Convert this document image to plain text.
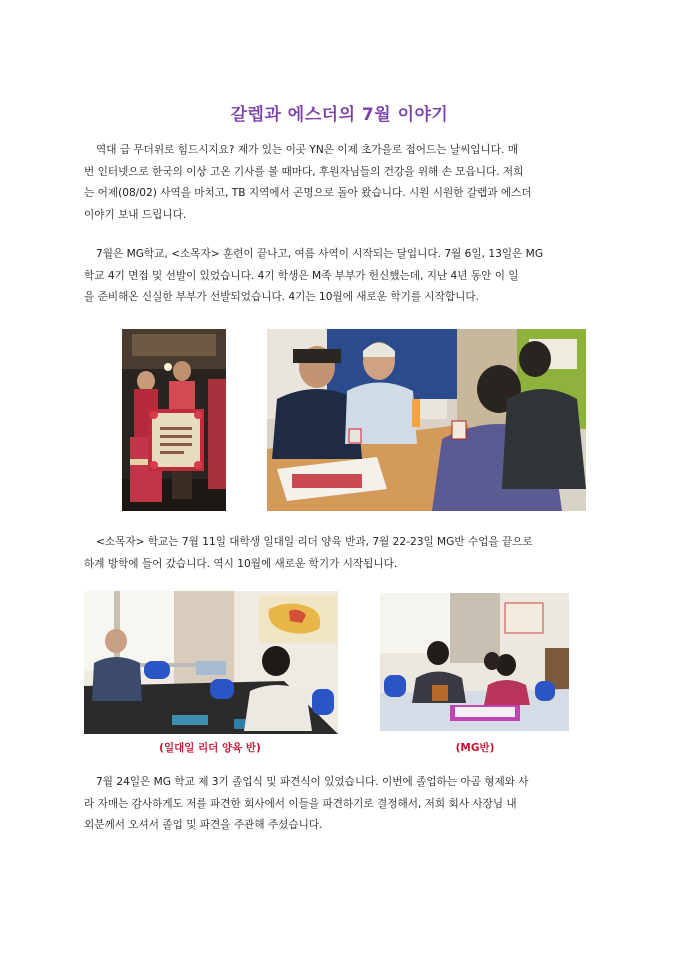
갈렙과 에스더의 7월 이야기

역대 급 무더위로 힘드시지요? 제가 있는 이곳 YN은 이제 초가을로 접어드는 날씨입니다. 매
번 인터넷으로 한국의 이상 고온 기사를 볼 때마다, 후원자님들의 건강을 위해 손 모읍니다. 저희
는 어제(08/02) 사역을 마치고, TB 지역에서 곤명으로 돌아 왔습니다. 시원 시원한 갈렙과 에스더
이야기 보내 드립니다.

7월은 MG학교, <소목자> 훈련이 끝나고, 여름 사역이 시작되는 달입니다. 7월 6일, 13일은 MG
학교 4기 면접 및 선발이 있었습니다. 4기 학생은 M족 부부가 헌신했는데, 지난 4년 동안 이 일
을 준비해온 신실한 부부가 선발되었습니다. 4기는 10월에 새로운 학기를 시작합니다.

<소목자> 학교는 7월 11일 대학생 일대일 리더 양육 반과, 7월 22-23일 MG반 수업을 끝으로
하계 방학에 들어 갔습니다. 역시 10월에 새로운 학기가 시작됩니다.

(일대일 리더 양육 반)	(MG반)

7월 24일은 MG 학교 제 3기 졸업식 및 파견식이 있었습니다. 이번에 졸업하는 아곰 형제와 사
라 자매는 감사하게도 저를 파견한 회사에서 이들을 파견하기로 결정해서, 저희 회사 사장님 내
외분께서 오셔서 졸업 및 파견을 주관해 주셨습니다.
